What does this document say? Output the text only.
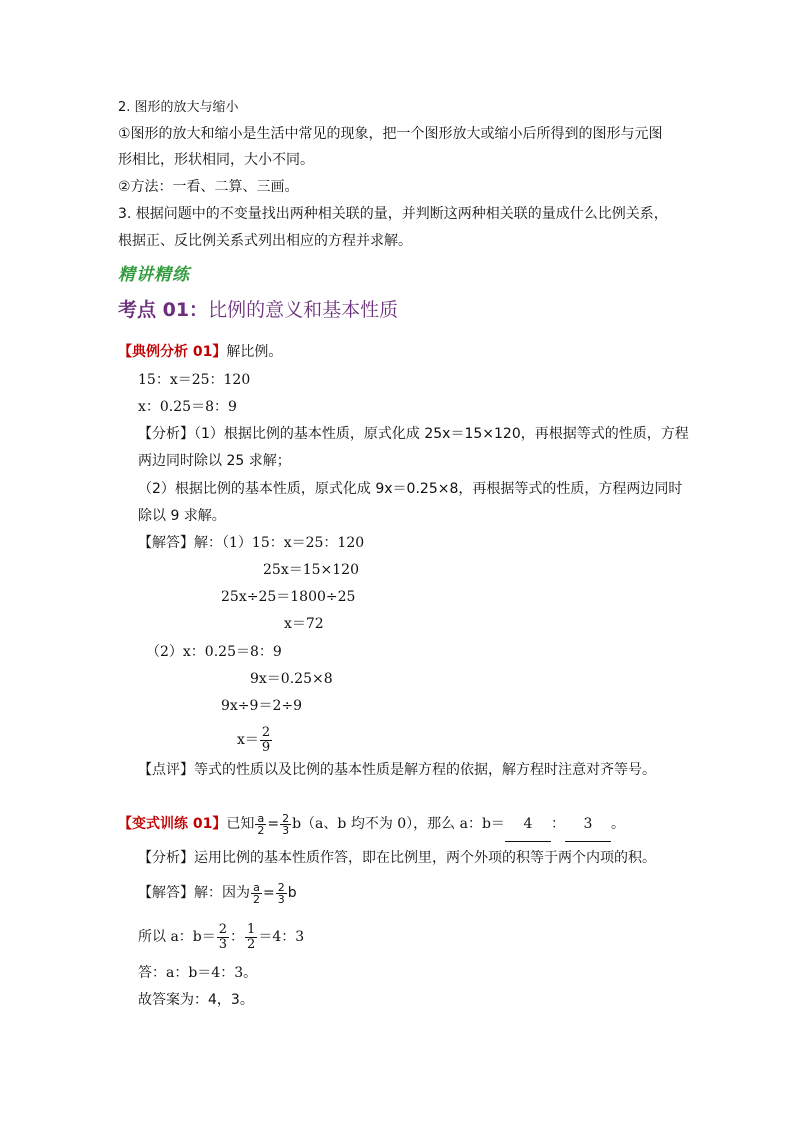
2. 图形的放大与缩小
①图形的放大和缩小是生活中常见的现象，把一个图形放大或缩小后所得到的图形与元图
形相比，形状相同，大小不同。
②方法：一看、二算、三画。
3. 根据问题中的不变量找出两种相关联的量，并判断这两种相关联的量成什么比例关系，
根据正、反比例关系式列出相应的方程并求解。
精讲精练
考点 01：比例的意义和基本性质
【典例分析 01】解比例。
15：x＝25：120
x：0.25＝8：9
【分析】（1）根据比例的基本性质，原式化成 25x＝15×120，再根据等式的性质，方程
两边同时除以 25 求解；
（2）根据比例的基本性质，原式化成 9x＝0.25×8，再根据等式的性质，方程两边同时
除以 9 求解。
【解答】解：（1）15：x＝25：120
25x＝15×120
25x÷25＝1800÷25
x＝72
（2）x：0.25＝8：9
9x＝0.25×8
9x÷9＝2÷9
$x= \frac{2}{9}$
【点评】等式的性质以及比例的基本性质是解方程的依据，解方程时注意对齐等号。
【变式训练 01】已知 $\frac{a}{2} = \frac{2}{3} b(a$、b 均不为 0），那么 a：b＝ 4 ： 3 。
【分析】运用比例的基本性质作答，即在比例里，两个外项的积等于两个内项的积。
【解答】解：因为 $\frac{a}{2} = \frac{2}{3}$ b
所以 a：$b= \frac{2}{3}$ ： $\frac{1}{2} =4$：3
答：a：b＝4：3。
故答案为：4，3。
